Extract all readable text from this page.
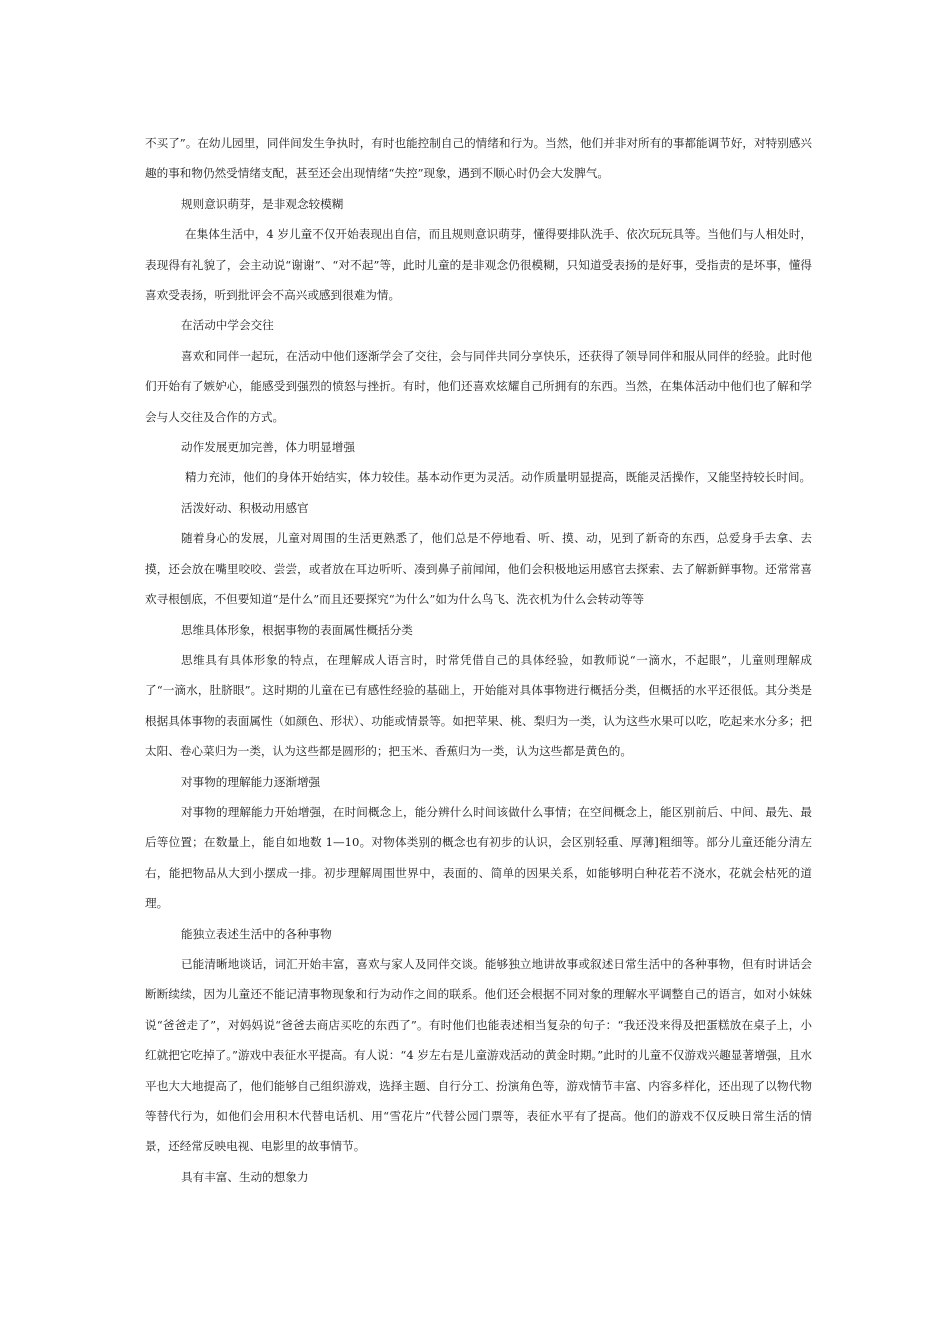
不买了”。在幼儿园里，同伴间发生争执时，有时也能控制自己的情绪和行为。当然，他们并非对所有的事都能调节好，对特别感兴趣的事和物仍然受情绪支配，甚至还会出现情绪“失控”现象，遇到不顺心时仍会大发脾气。

规则意识萌芽，是非观念较模糊

在集体生活中，4 岁儿童不仅开始表现出自信，而且规则意识萌芽，懂得要排队洗手、依次玩玩具等。当他们与人相处时，表现得有礼貌了，会主动说“谢谢”、“对不起”等，此时儿童的是非观念仍很模糊，只知道受表扬的是好事，受指责的是坏事，懂得喜欢受表扬，听到批评会不高兴或感到很难为情。

在活动中学会交往

喜欢和同伴一起玩，在活动中他们逐渐学会了交往，会与同伴共同分享快乐，还获得了领导同伴和服从同伴的经验。此时他们开始有了嫉妒心，能感受到强烈的愤怒与挫折。有时，他们还喜欢炫耀自己所拥有的东西。当然，在集体活动中他们也了解和学会与人交往及合作的方式。

动作发展更加完善，体力明显增强

精力充沛，他们的身体开始结实，体力较佳。基本动作更为灵活。动作质量明显提高，既能灵活操作，又能坚持较长时间。

活泼好动、积极动用感官

随着身心的发展，儿童对周围的生活更熟悉了，他们总是不停地看、听、摸、动，见到了新奇的东西，总爱身手去拿、去摸，还会放在嘴里咬咬、尝尝，或者放在耳边听听、凑到鼻子前闻闻，他们会积极地运用感官去探索、去了解新鲜事物。还常常喜欢寻根刨底，不但要知道“是什么”而且还要探究“为什么”如为什么鸟飞、洗衣机为什么会转动等等

思维具体形象，根据事物的表面属性概括分类

思维具有具体形象的特点，在理解成人语言时，时常凭借自己的具体经验，如教师说“一滴水，不起眼”，儿童则理解成了“一滴水，肚脐眼”。这时期的儿童在已有感性经验的基础上，开始能对具体事物进行概括分类，但概括的水平还很低。其分类是根据具体事物的表面属性（如颜色、形状）、功能或情景等。如把苹果、桃、梨归为一类，认为这些水果可以吃，吃起来水分多；把太阳、卷心菜归为一类，认为这些都是圆形的；把玉米、香蕉归为一类，认为这些都是黄色的。

对事物的理解能力逐渐增强

对事物的理解能力开始增强，在时间概念上，能分辨什么时间该做什么事情；在空间概念上，能区别前后、中间、最先、最后等位置；在数量上，能自如地数 1—10。对物体类别的概念也有初步的认识，会区别轻重、厚薄]粗细等。部分儿童还能分清左右，能把物品从大到小摆成一排。初步理解周围世界中，表面的、简单的因果关系，如能够明白种花若不浇水，花就会枯死的道理。

能独立表述生活中的各种事物

已能清晰地谈话，词汇开始丰富，喜欢与家人及同伴交谈。能够独立地讲故事或叙述日常生活中的各种事物，但有时讲话会断断续续，因为儿童还不能记清事物现象和行为动作之间的联系。他们还会根据不同对象的理解水平调整自己的语言，如对小妹妹说“爸爸走了”，对妈妈说“爸爸去商店买吃的东西了”。有时他们也能表述相当复杂的句子：“我还没来得及把蛋糕放在桌子上，小红就把它吃掉了。”游戏中表征水平提高。有人说：“4 岁左右是儿童游戏活动的黄金时期。”此时的儿童不仅游戏兴趣显著增强，且水平也大大地提高了，他们能够自己组织游戏，选择主题、自行分工、扮演角色等，游戏情节丰富、内容多样化，还出现了以物代物等替代行为，如他们会用积木代替电话机、用“雪花片”代替公园门票等，表征水平有了提高。他们的游戏不仅反映日常生活的情景，还经常反映电视、电影里的故事情节。

具有丰富、生动的想象力
